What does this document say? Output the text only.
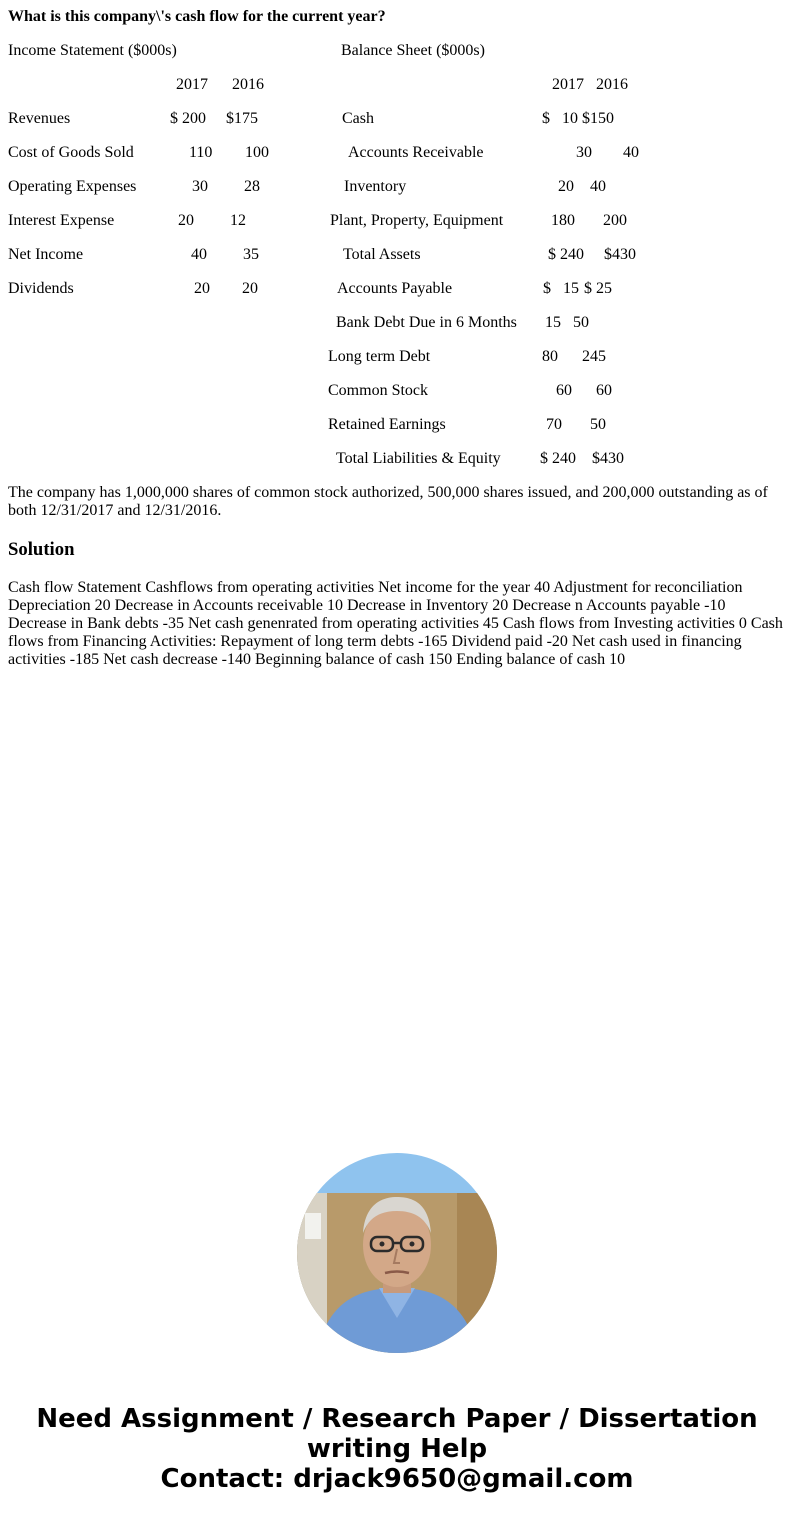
What is this company\'s cash flow for the current year?
Income Statement ($000s)
2017 2016
Revenues	$ 200 $175
Cost of Goods Sold	110 100
Operating Expenses	30 28
Interest Expense	20 12
Net Income	40 35
Dividends	20 20
Balance Sheet ($000s)
2017 2016
Cash	$   10 $150
Accounts Receivable	30 40
Inventory	20 40
Plant, Property, Equipment	180 200
Total Assets	$ 240 $430
Accounts Payable	$   15 $ 25
Bank Debt Due in 6 Months 15 50
Long term Debt	80 245
Common Stock	60 60
Retained Earnings	70 50
Total Liabilities & Equity $ 240 $430
The company has 1,000,000 shares of common stock authorized, 500,000 shares issued, and 200,000 outstanding as of both 12/31/2017 and 12/31/2016.
Solution
Cash flow Statement Cashflows from operating activities Net income for the year 40 Adjustment for reconciliation Depreciation 20 Decrease in Accounts receivable 10 Decrease in Inventory 20 Decrease n Accounts payable -10 Decrease in Bank debts -35 Net cash genenrated from operating activities 45 Cash flows from Investing activities 0 Cash flows from Financing Activities: Repayment of long term debts -165 Dividend paid -20 Net cash used in financing activities -185 Net cash decrease -140 Beginning balance of cash 150 Ending balance of cash 10
Need Assignment / Research Paper / Dissertation writing Help
Contact: drjack9650@gmail.com
